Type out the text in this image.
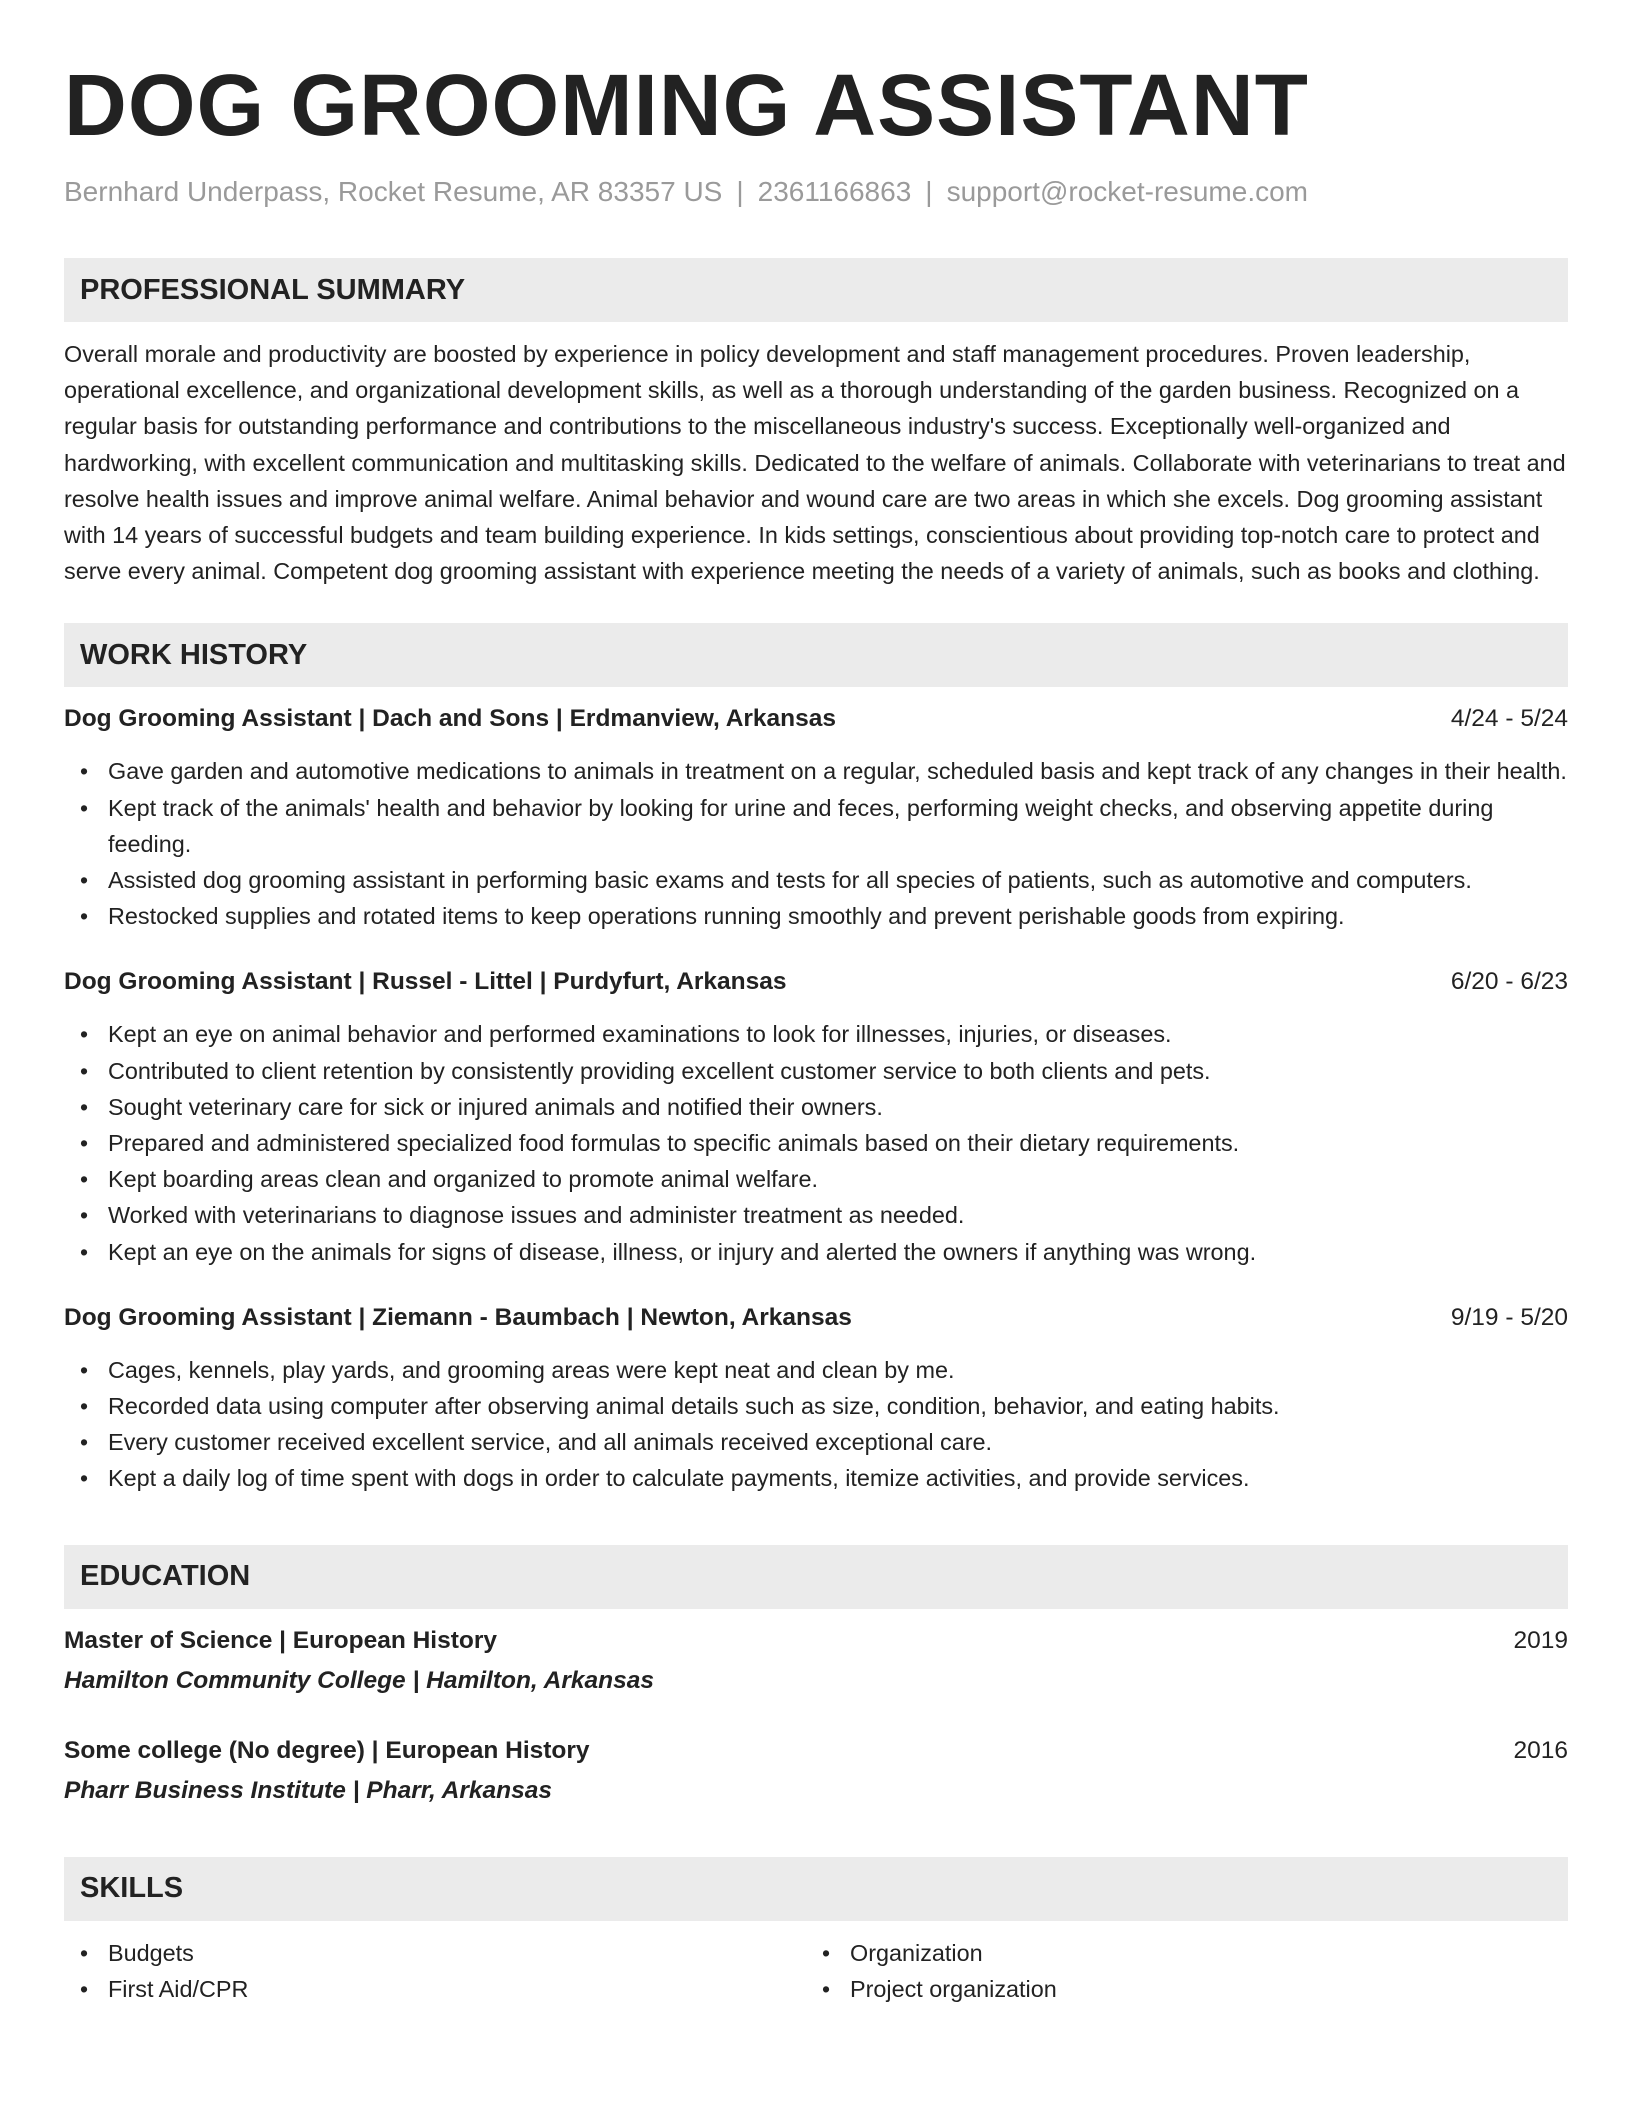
DOG GROOMING ASSISTANT
Bernhard Underpass, Rocket Resume, AR 83357 US | 2361166863 | support@rocket-resume.com
PROFESSIONAL SUMMARY

Overall morale and productivity are boosted by experience in policy development and staff management procedures. Proven leadership, operational excellence, and organizational development skills, as well as a thorough understanding of the garden business. Recognized on a regular basis for outstanding performance and contributions to the miscellaneous industry's success. Exceptionally well-organized and hardworking, with excellent communication and multitasking skills. Dedicated to the welfare of animals. Collaborate with veterinarians to treat and resolve health issues and improve animal welfare. Animal behavior and wound care are two areas in which she excels. Dog grooming assistant with 14 years of successful budgets and team building experience. In kids settings, conscientious about providing top-notch care to protect and serve every animal. Competent dog grooming assistant with experience meeting the needs of a variety of animals, such as books and clothing.

WORK HISTORY
Dog Grooming Assistant | Dach and Sons | Erdmanview, Arkansas	4/24 - 5/24
• Gave garden and automotive medications to animals in treatment on a regular, scheduled basis and kept track of any changes in their health.
• Kept track of the animals' health and behavior by looking for urine and feces, performing weight checks, and observing appetite during feeding.
• Assisted dog grooming assistant in performing basic exams and tests for all species of patients, such as automotive and computers.
• Restocked supplies and rotated items to keep operations running smoothly and prevent perishable goods from expiring.
Dog Grooming Assistant | Russel - Littel | Purdyfurt, Arkansas	6/20 - 6/23
• Kept an eye on animal behavior and performed examinations to look for illnesses, injuries, or diseases.
• Contributed to client retention by consistently providing excellent customer service to both clients and pets.
• Sought veterinary care for sick or injured animals and notified their owners.
• Prepared and administered specialized food formulas to specific animals based on their dietary requirements.
• Kept boarding areas clean and organized to promote animal welfare.
• Worked with veterinarians to diagnose issues and administer treatment as needed.
• Kept an eye on the animals for signs of disease, illness, or injury and alerted the owners if anything was wrong.
Dog Grooming Assistant | Ziemann - Baumbach | Newton, Arkansas	9/19 - 5/20
• Cages, kennels, play yards, and grooming areas were kept neat and clean by me.
• Recorded data using computer after observing animal details such as size, condition, behavior, and eating habits.
• Every customer received excellent service, and all animals received exceptional care.
• Kept a daily log of time spent with dogs in order to calculate payments, itemize activities, and provide services.
EDUCATION
Master of Science | European History	2019
Hamilton Community College | Hamilton, Arkansas
Some college (No degree) | European History	2016
Pharr Business Institute | Pharr, Arkansas
SKILLS
• Budgets
• First Aid/CPR
• Organization
• Project organization
